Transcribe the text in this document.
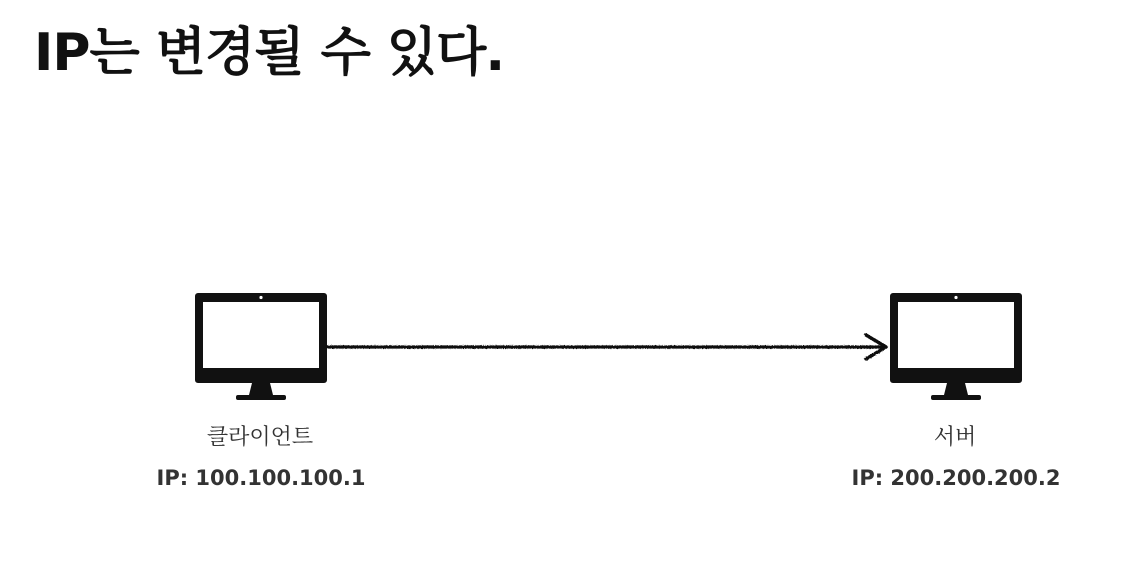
IP는 변경될 수 있다.
클라이언트
IP: 100.100.100.1
서버
IP: 200.200.200.2
